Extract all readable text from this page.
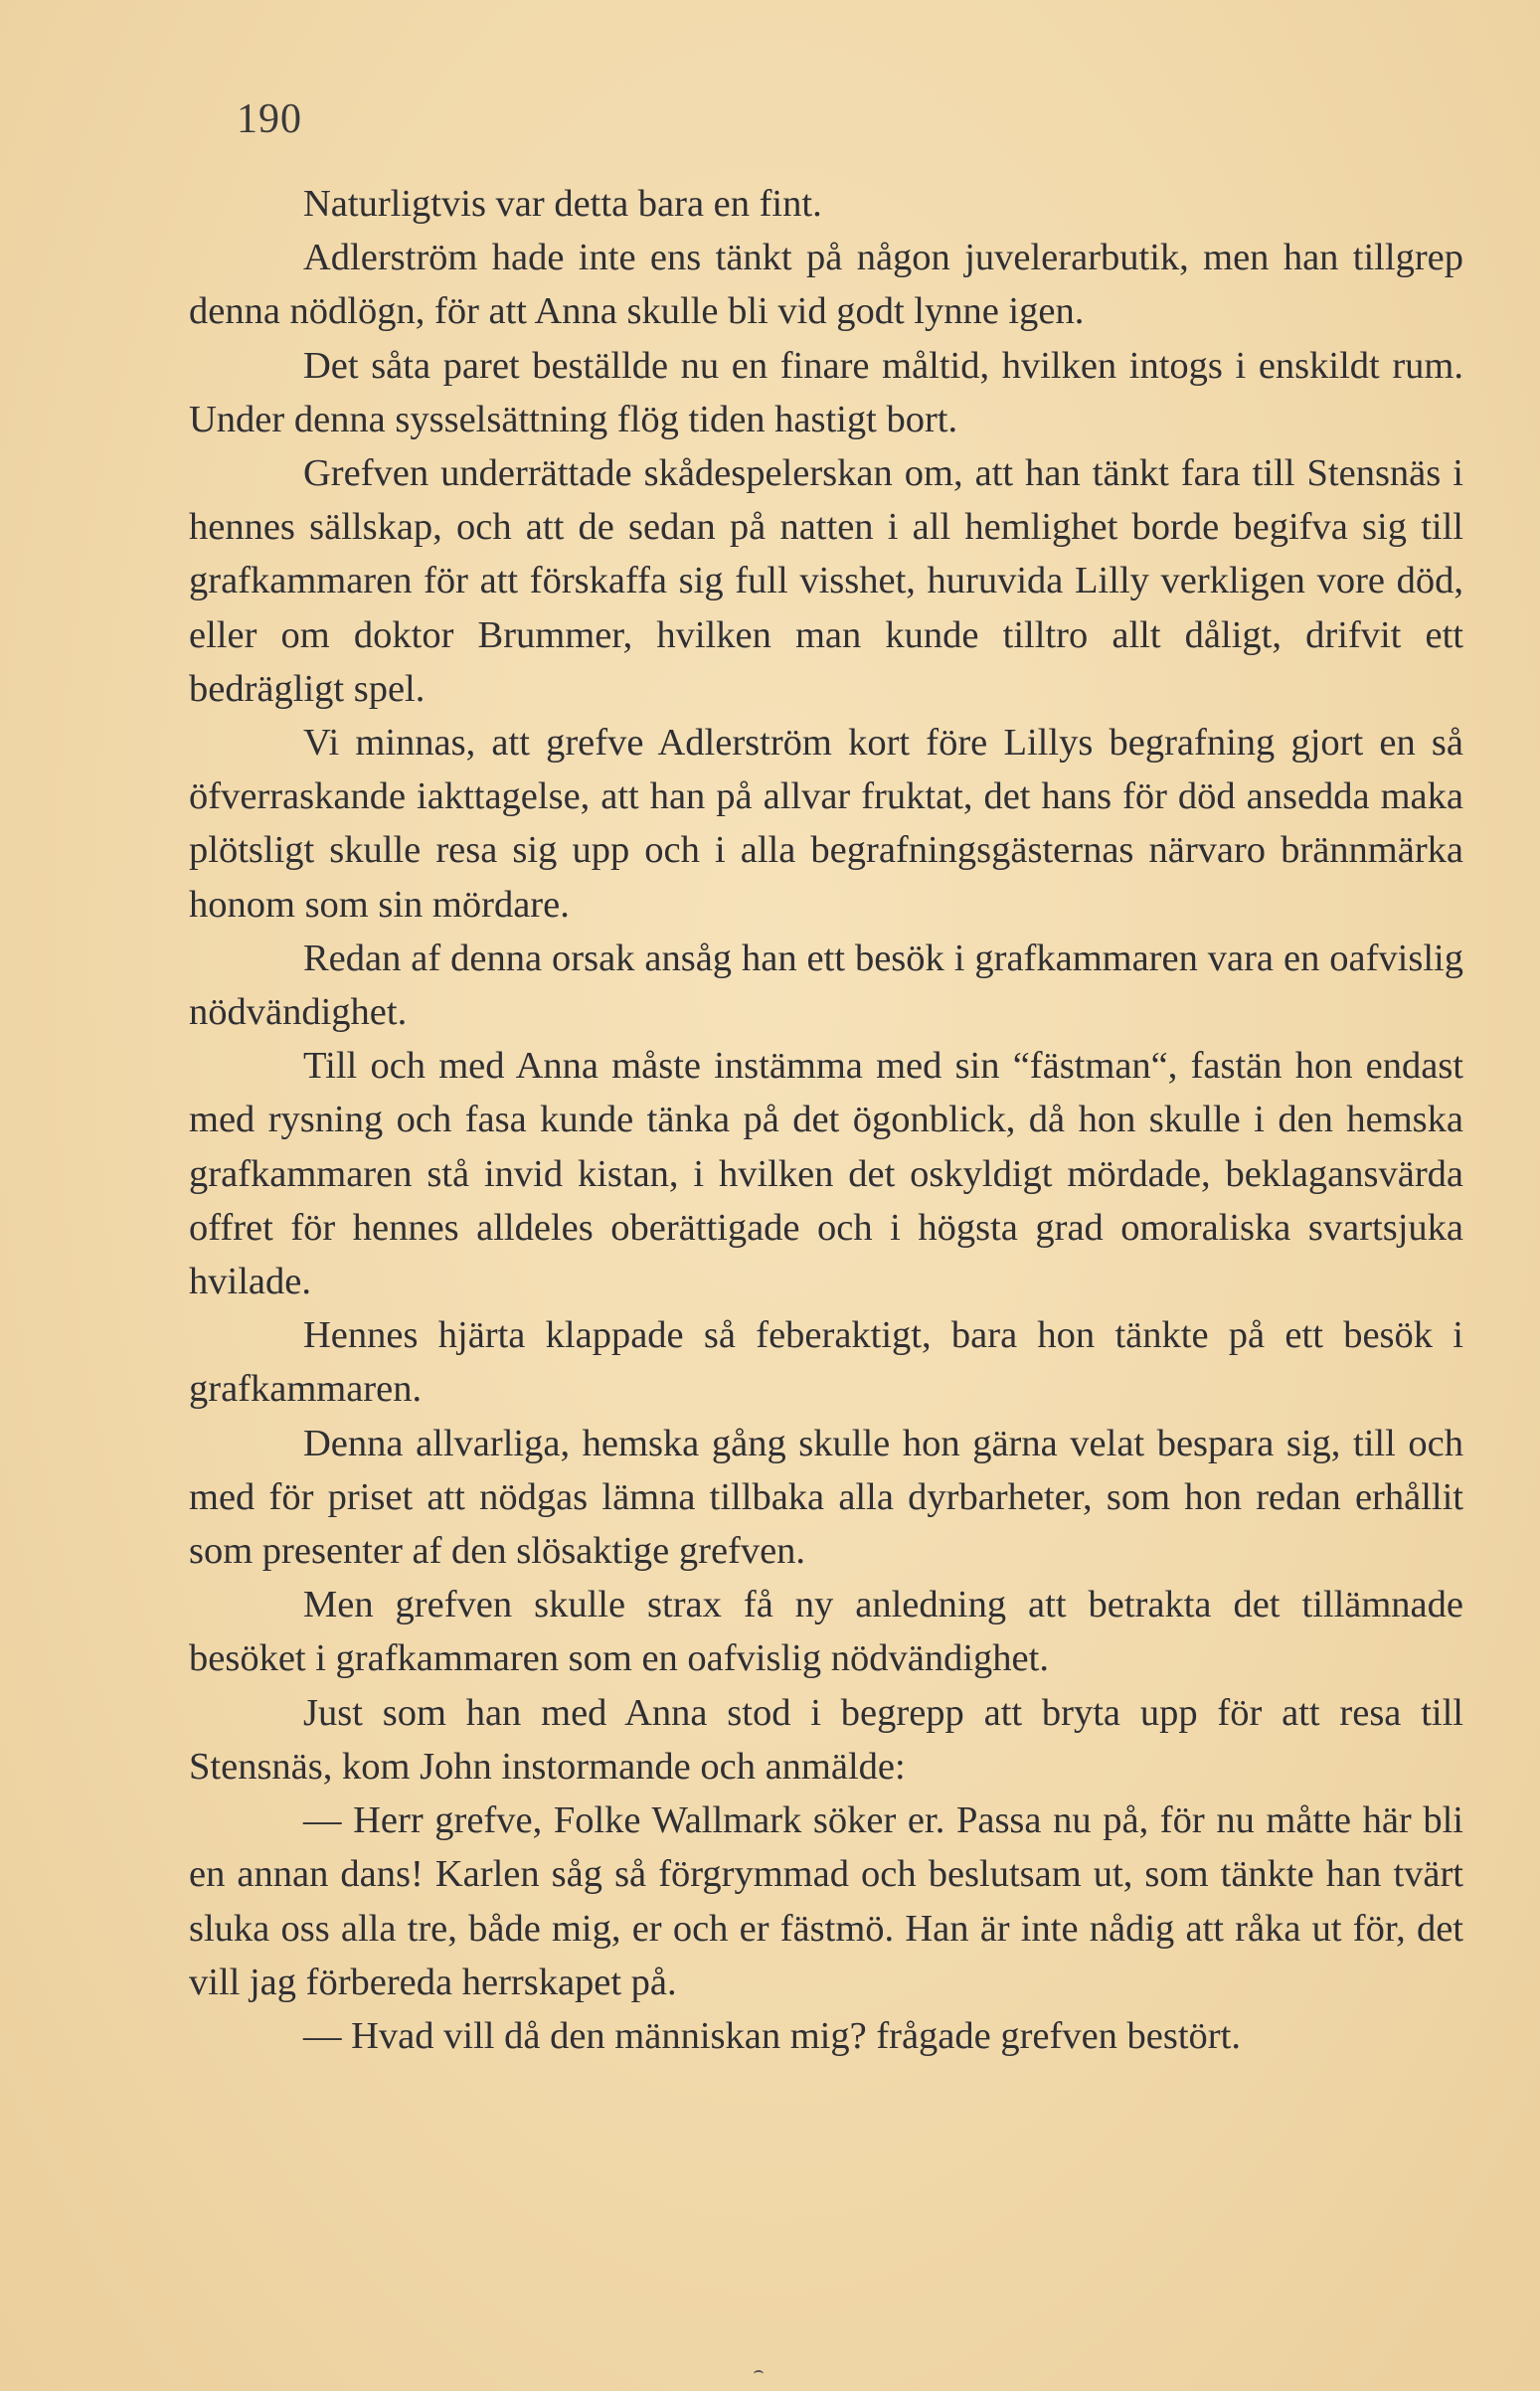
190

Naturligtvis var detta bara en fint.

Adlerström hade inte ens tänkt på någon juvelerarbutik, men han tillgrep denna nödlögn, för att Anna skulle bli vid godt lynne igen.

Det såta paret beställde nu en finare måltid, hvilken intogs i enskildt rum. Under denna sysselsättning flög tiden hastigt bort.

Grefven underrättade skådespelerskan om, att han tänkt fara till Stensnäs i hennes sällskap, och att de sedan på natten i all hemlighet borde begifva sig till grafkammaren för att förskaffa sig full visshet, huruvida Lilly verkligen vore död, eller om doktor Brummer, hvilken man kunde tilltro allt dåligt, drifvit ett bedrägligt spel.

Vi minnas, att grefve Adlerström kort före Lillys begrafning gjort en så öfverraskande iakttagelse, att han på allvar fruktat, det hans för död ansedda maka plötsligt skulle resa sig upp och i alla begrafningsgästernas närvaro brännmärka honom som sin mördare.

Redan af denna orsak ansåg han ett besök i grafkammaren vara en oafvislig nödvändighet.

Till och med Anna måste instämma med sin “fästman“, fastän hon endast med rysning och fasa kunde tänka på det ögonblick, då hon skulle i den hemska grafkammaren stå invid kistan, i hvilken det oskyldigt mördade, beklagansvärda offret för hennes alldeles oberättigade och i högsta grad omoraliska svartsjuka hvilade.

Hennes hjärta klappade så feberaktigt, bara hon tänkte på ett besök i grafkammaren.

Denna allvarliga, hemska gång skulle hon gärna velat bespara sig, till och med för priset att nödgas lämna tillbaka alla dyrbarheter, som hon redan erhållit som presenter af den slösaktige grefven.

Men grefven skulle strax få ny anledning att betrakta det tillämnade besöket i grafkammaren som en oafvislig nödvändighet.

Just som han med Anna stod i begrepp att bryta upp för att resa till Stensnäs, kom John instormande och anmälde:

— Herr grefve, Folke Wallmark söker er. Passa nu på, för nu måtte här bli en annan dans! Karlen såg så förgrymmad och beslutsam ut, som tänkte han tvärt sluka oss alla tre, både mig, er och er fästmö. Han är inte nådig att råka ut för, det vill jag förbereda herrskapet på.

— Hvad vill då den människan mig? frågade grefven bestört.
